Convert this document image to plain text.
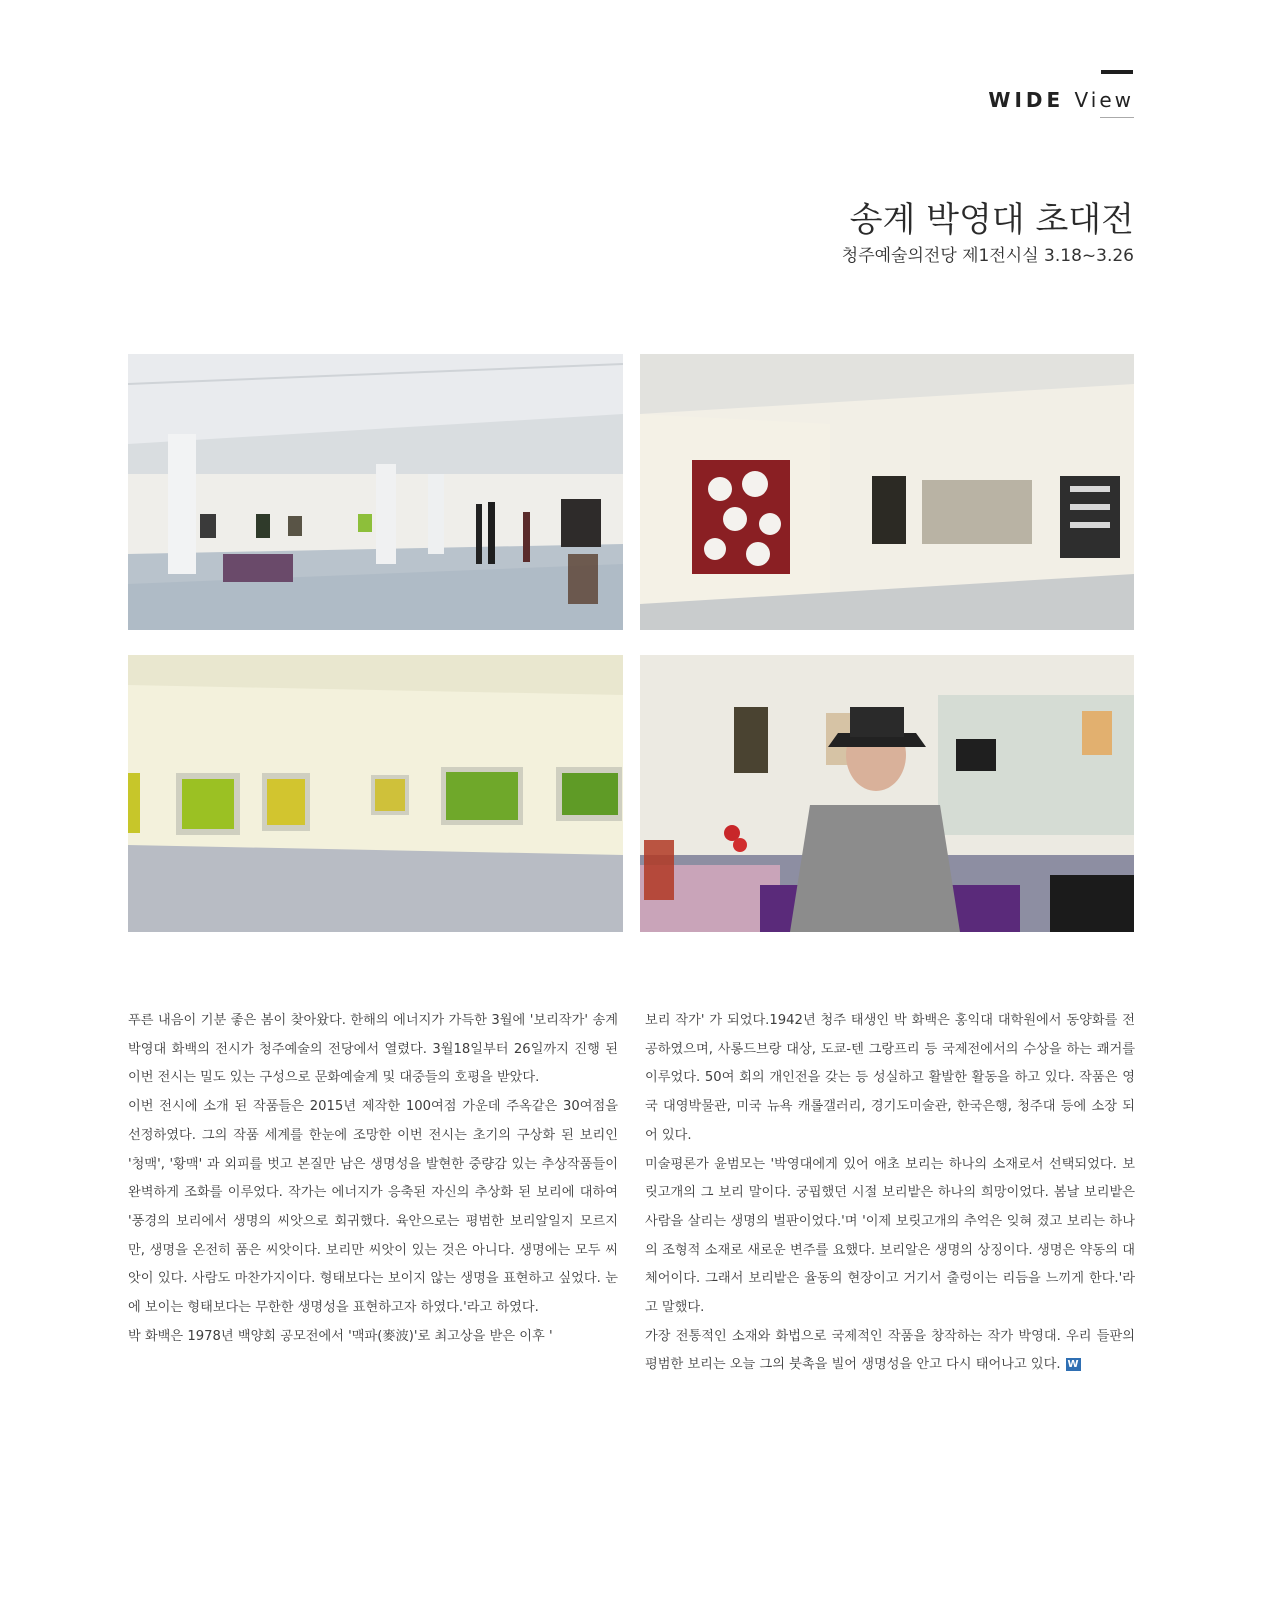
WIDE View
송계 박영대 초대전
청주예술의전당 제1전시실 3.18~3.26

푸른 내음이 기분 좋은 봄이 찾아왔다. 한해의 에너지가 가득한 3월에 '보리작가' 송계 박영대 화백의 전시가 청주예술의 전당에서 열렸다. 3월18일부터 26일까지 진행 된 이번 전시는 밀도 있는 구성으로 문화예술계 및 대중들의 호평을 받았다.

이번 전시에 소개 된 작품들은 2015년 제작한 100여점 가운데 주옥같은 30여점을 선정하였다. 그의 작품 세계를 한눈에 조망한 이번 전시는 초기의 구상화 된 보리인 '청맥', '황맥' 과 외피를 벗고 본질만 남은 생명성을 발현한 중량감 있는 추상작품들이 완벽하게 조화를 이루었다. 작가는 에너지가 응축된 자신의 추상화 된 보리에 대하여 '풍경의 보리에서 생명의 씨앗으로 회귀했다. 육안으로는 평범한 보리알일지 모르지만, 생명을 온전히 품은 씨앗이다. 보리만 씨앗이 있는 것은 아니다. 생명에는 모두 씨앗이 있다. 사람도 마찬가지이다. 형태보다는 보이지 않는 생명을 표현하고 싶었다. 눈에 보이는 형태보다는 무한한 생명성을 표현하고자 하였다.'라고 하였다.

박 화백은 1978년 백양회 공모전에서 '맥파(麥波)'로 최고상을 받은 이후 '

보리 작가' 가 되었다.1942년 청주 태생인 박 화백은 홍익대 대학원에서 동양화를 전공하였으며, 사롱드브랑 대상, 도쿄-텐 그랑프리 등 국제전에서의 수상을 하는 쾌거를 이루었다. 50여 회의 개인전을 갖는 등 성실하고 활발한 활동을 하고 있다. 작품은 영국 대영박물관, 미국 뉴욕 캐롤갤러리, 경기도미술관, 한국은행, 청주대 등에 소장 되어 있다.

미술평론가 윤범모는 '박영대에게 있어 애초 보리는 하나의 소재로서 선택되었다. 보릿고개의 그 보리 말이다. 궁핍했던 시절 보리밭은 하나의 희망이었다. 봄날 보리밭은 사람을 살리는 생명의 벌판이었다.'며 '이제 보릿고개의 추억은 잊혀 졌고 보리는 하나의 조형적 소재로 새로운 변주를 요했다. 보리알은 생명의 상징이다. 생명은 약동의 대체어이다. 그래서 보리밭은 율동의 현장이고 거기서 출렁이는 리듬을 느끼게 한다.'라고 말했다.

가장 전통적인 소재와 화법으로 국제적인 작품을 창작하는 작가 박영대. 우리 들판의 평범한 보리는 오늘 그의 붓촉을 빌어 생명성을 안고 다시 태어나고 있다. W
